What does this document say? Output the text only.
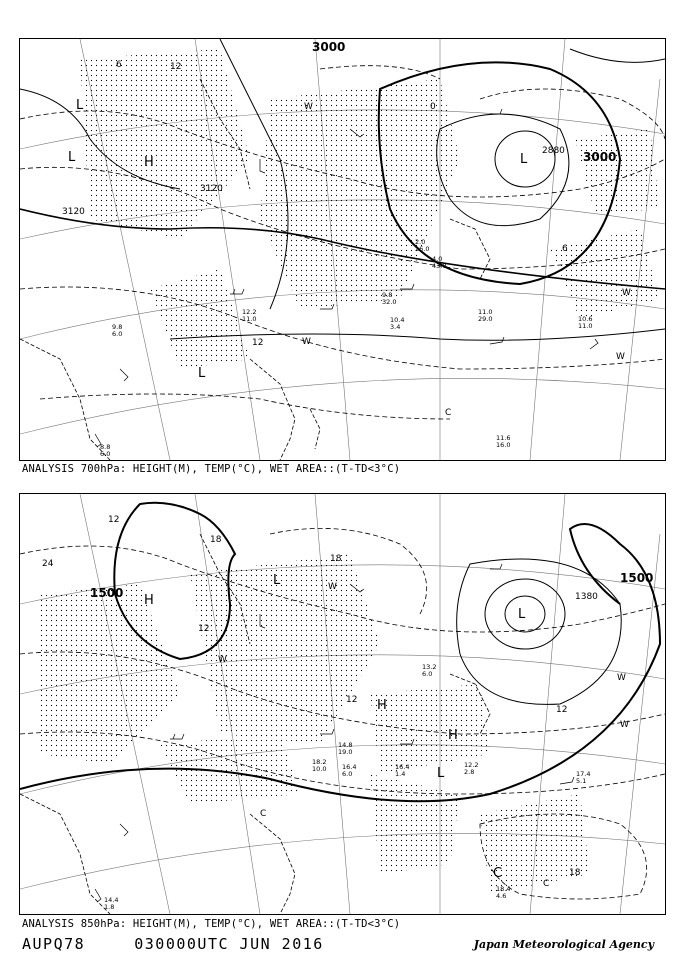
3000
3120
3120
2880 3000
12
12
6
6
0
L
L	H
L
L
W
W
W
W
C
11.6 16.0
10.6 11.0
11.0 29.0
9.8 32.0
10.4 3.4
2.0 26.0
4.0 43.0
12.2 11.0
8.8 6.0
9.8 6.0
ANALYSIS 700hPa: HEIGHT(M), TEMP(°C), WET AREA::(T-TD<3°C)
1500
1500
1380
12
18
12
18
12
18
24
12
H
L
H
H
L
L
C
W
W
W
W
C
C
17.4 5.1
18.4 4.6
12.2 2.8
16.4 1.4
14.8 19.0
18.2 10.0 16.4 6.0
13.2 6.0
14.4 1.8
ANALYSIS 850hPa: HEIGHT(M), TEMP(°C), WET AREA::(T-TD<3°C)
AUPQ78	030000UTC JUN 2016	Japan Meteorological Agency
